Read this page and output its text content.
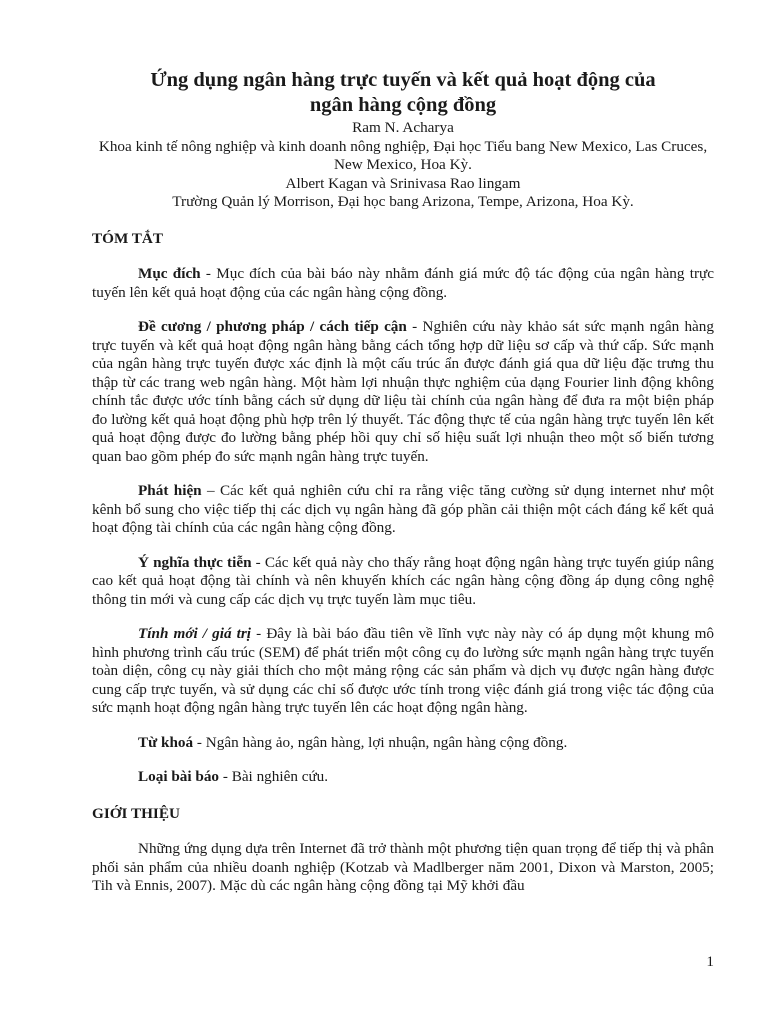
Ứng dụng ngân hàng trực tuyến và kết quả hoạt động của
ngân hàng cộng đồng
Ram N. Acharya
Khoa kinh tế nông nghiệp và kinh doanh nông nghiệp, Đại học Tiểu bang New Mexico, Las Cruces, New Mexico, Hoa Kỳ.
Albert Kagan và Srinivasa Rao lingam
Trường Quản lý Morrison, Đại học bang Arizona, Tempe, Arizona, Hoa Kỳ.
TÓM TẮT

Mục đích - Mục đích của bài báo này nhằm đánh giá mức độ tác động của ngân hàng trực tuyến lên kết quả hoạt động của các ngân hàng cộng đồng.

Đề cương / phương pháp / cách tiếp cận - Nghiên cứu này khảo sát sức mạnh ngân hàng trực tuyến và kết quả hoạt động ngân hàng bằng cách tổng hợp dữ liệu sơ cấp và thứ cấp. Sức mạnh của ngân hàng trực tuyến được xác định là một cấu trúc ẩn được đánh giá qua dữ liệu đặc trưng thu thập từ các trang web ngân hàng. Một hàm lợi nhuận thực nghiệm của dạng Fourier linh động không chính tắc được ước tính bằng cách sử dụng dữ liệu tài chính của ngân hàng để đưa ra một biện pháp đo lường kết quả hoạt động phù hợp trên lý thuyết. Tác động thực tế của ngân hàng trực tuyến lên kết quả hoạt động được đo lường bằng phép hồi quy chỉ số hiệu suất lợi nhuận theo một số biến tương quan bao gồm phép đo sức mạnh ngân hàng trực tuyến.

Phát hiện – Các kết quả nghiên cứu chỉ ra rằng việc tăng cường sử dụng internet như một kênh bổ sung cho việc tiếp thị các dịch vụ ngân hàng đã góp phần cải thiện một cách đáng kể kết quả hoạt động tài chính của các ngân hàng cộng đồng.

Ý nghĩa thực tiễn - Các kết quả này cho thấy rằng hoạt động ngân hàng trực tuyến giúp nâng cao kết quả hoạt động tài chính và nên khuyến khích các ngân hàng cộng đồng áp dụng công nghệ thông tin mới và cung cấp các dịch vụ trực tuyến làm mục tiêu.

Tính mới / giá trị - Đây là bài báo đầu tiên về lĩnh vực này này có áp dụng một khung mô hình phương trình cấu trúc (SEM) để phát triển một công cụ đo lường sức mạnh ngân hàng trực tuyến toàn diện, công cụ này giải thích cho một mảng rộng các sản phẩm và dịch vụ được ngân hàng được cung cấp trực tuyến, và sử dụng các chỉ số được ước tính trong việc đánh giá trong việc tác động của sức mạnh hoạt động ngân hàng trực tuyến lên các hoạt động ngân hàng.

Từ khoá - Ngân hàng ảo, ngân hàng, lợi nhuận, ngân hàng cộng đồng.

Loại bài báo - Bài nghiên cứu.

GIỚI THIỆU

Những ứng dụng dựa trên Internet đã trở thành một phương tiện quan trọng để tiếp thị và phân phối sản phẩm của nhiều doanh nghiệp (Kotzab và Madlberger năm 2001, Dixon và Marston, 2005; Tih và Ennis, 2007). Mặc dù các ngân hàng cộng đồng tại Mỹ khởi đầu

1
